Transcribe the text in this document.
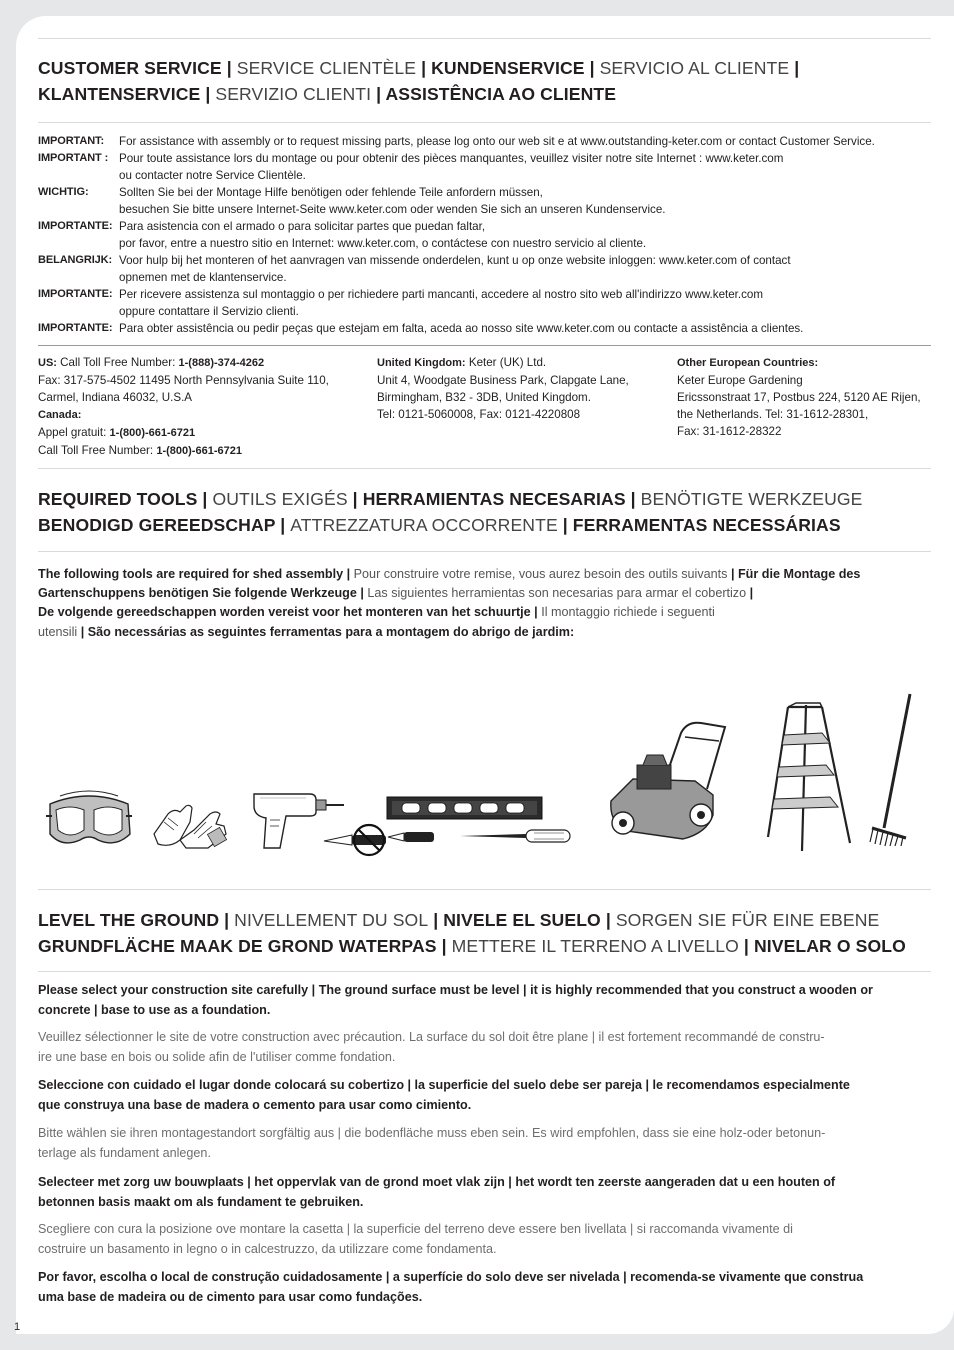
CUSTOMER SERVICE | SERVICE CLIENTÈLE | KUNDENSERVICE | SERVICIO AL CLIENTE |
KLANTENSERVICE | SERVIZIO CLIENTI | ASSISTÊNCIA AO CLIENTE
IMPORTANT:	For assistance with assembly or to request missing parts, please log onto our web sit e at www.outstanding-keter.com or contact Customer Service.
IMPORTANT : Pour toute assistance lors du montage ou pour obtenir des pièces manquantes, veuillez visiter notre site Internet : www.keter.com
ou contacter notre Service Clientèle.
WICHTIG:	Sollten Sie bei der Montage Hilfe benötigen oder fehlende Teile anfordern müssen,
besuchen Sie bitte unsere Internet-Seite www.keter.com oder wenden Sie sich an unseren Kundenservice.
IMPORTANTE: Para asistencia con el armado o para solicitar partes que puedan faltar,
por favor, entre a nuestro sitio en Internet: www.keter.com, o contáctese con nuestro servicio al cliente.
BELANGRIJK: Voor hulp bij het monteren of het aanvragen van missende onderdelen, kunt u op onze website inloggen: www.keter.com of contact
opnemen met de klantenservice.
IMPORTANTE: Per ricevere assistenza sul montaggio o per richiedere parti mancanti, accedere al nostro sito web all'indirizzo www.keter.com
oppure contattare il Servizio clienti.
IMPORTANTE: Para obter assistência ou pedir peças que estejam em falta, aceda ao nosso site www.keter.com ou contacte a assistência a clientes.
US: Call Toll Free Number: 1-(888)-374-4262
Fax: 317-575-4502 11495 North Pennsylvania Suite 110,
Carmel, Indiana 46032, U.S.A
Canada:
Appel gratuit: 1-(800)-661-6721
Call Toll Free Number: 1-(800)-661-6721
United Kingdom: Keter (UK) Ltd.
Unit 4, Woodgate Business Park, Clapgate Lane,
Birmingham, B32 - 3DB, United Kingdom.
Tel: 0121-5060008, Fax: 0121-4220808
Other European Countries:
Keter Europe Gardening
Ericssonstraat 17, Postbus 224, 5120 AE Rijen,
the Netherlands. Tel: 31-1612-28301,
Fax: 31-1612-28322
REQUIRED TOOLS | OUTILS EXIGÉS | HERRAMIENTAS NECESARIAS | BENÖTIGTE WERKZEUGE
BENODIGD GEREEDSCHAP | ATTREZZATURA OCCORRENTE | FERRAMENTAS NECESSÁRIAS
The following tools are required for shed assembly | Pour construire votre remise, vous aurez besoin des outils suivants | Für die Montage des Gartenschuppens benötigen Sie folgende Werkzeuge | Las siguientes herramientas son necesarias para armar el cobertizo |
De volgende gereedschappen worden vereist voor het monteren van het schuurtje | Il montaggio richiede i seguenti
utensili | São necessárias as seguintes ferramentas para a montagem do abrigo de jardim:
LEVEL THE GROUND | NIVELLEMENT DU SOL | NIVELE EL SUELO | SORGEN SIE FÜR EINE EBENE
GRUNDFLÄCHE MAAK DE GROND WATERPAS | METTERE IL TERRENO A LIVELLO | NIVELAR O SOLO
Please select your construction site carefully | The ground surface must be level | it is highly recommended that you construct a wooden or
concrete | base to use as a foundation.
Veuillez sélectionner le site de votre construction avec précaution. La surface du sol doit être plane | il est fortement recommandé de constru-
ire une base en bois ou solide afin de l'utiliser comme fondation.
Seleccione con cuidado el lugar donde colocará su cobertizo | la superficie del suelo debe ser pareja | le recomendamos especialmente
que construya una base de madera o cemento para usar como cimiento.
Bitte wählen sie ihren montagestandort sorgfältig aus | die bodenfläche muss eben sein. Es wird empfohlen, dass sie eine holz-oder betonun-
terlage als fundament anlegen.
Selecteer met zorg uw bouwplaats | het oppervlak van de grond moet vlak zijn | het wordt ten zeerste aangeraden dat u een houten of
betonnen basis maakt om als fundament te gebruiken.
Scegliere con cura la posizione ove montare la casetta | la superficie del terreno deve essere ben livellata | si raccomanda vivamente di
costruire un basamento in legno o in calcestruzzo, da utilizzare come fondamenta.
Por favor, escolha o local de construção cuidadosamente | a superfície do solo deve ser nivelada | recomenda-se vivamente que construa
uma base de madeira ou de cimento para usar como fundações.
1
